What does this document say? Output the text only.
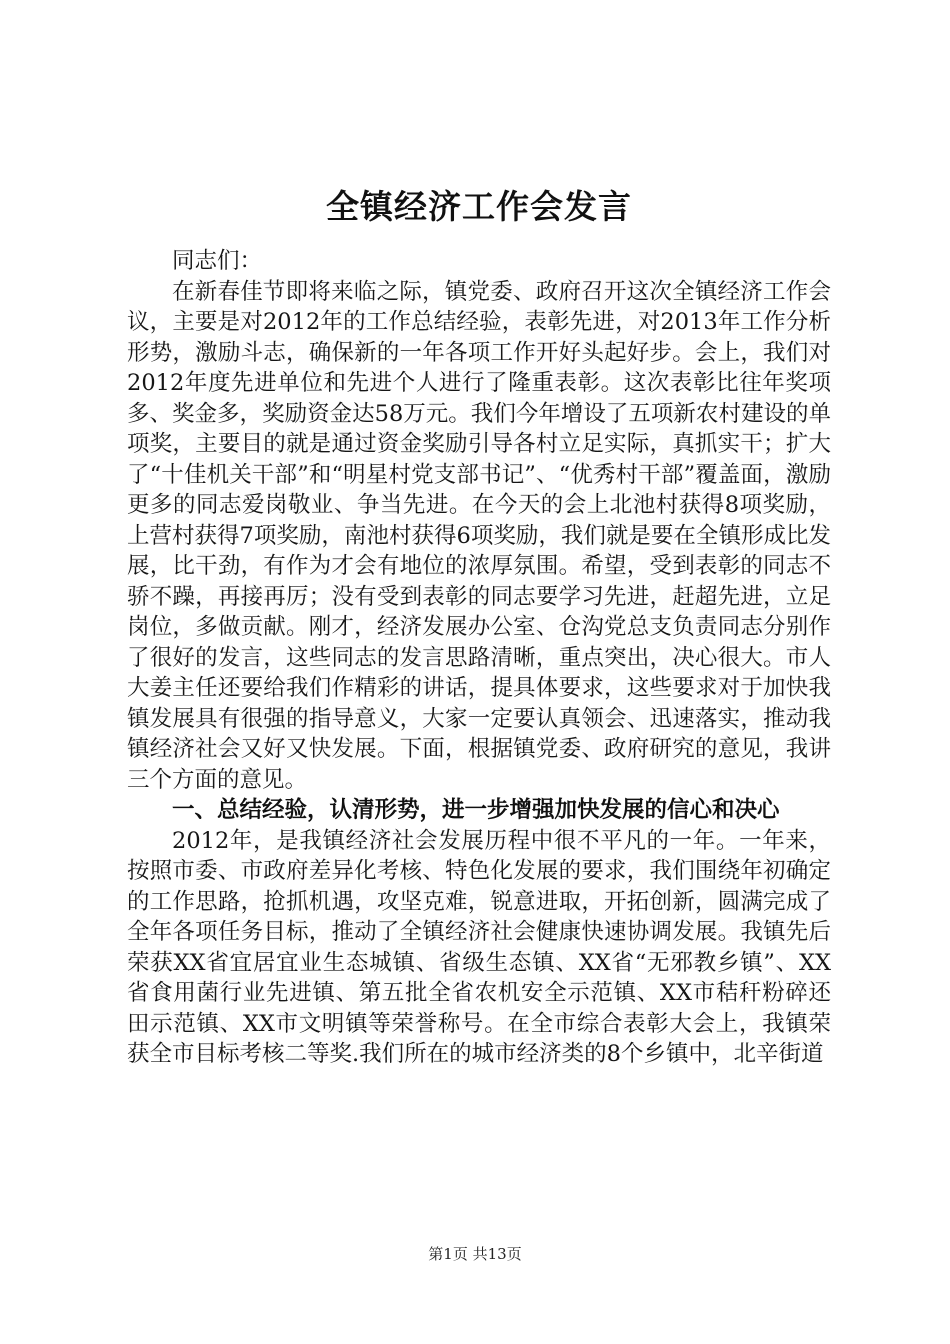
全镇经济工作会发言

同志们：

在新春佳节即将来临之际，镇党委、政府召开这次全镇经济工作会议，主要是对2012年的工作总结经验，表彰先进，对2013年工作分析形势，激励斗志，确保新的一年各项工作开好头起好步。会上，我们对2012年度先进单位和先进个人进行了隆重表彰。这次表彰比往年奖项多、奖金多，奖励资金达58万元。我们今年增设了五项新农村建设的单项奖，主要目的就是通过资金奖励引导各村立足实际，真抓实干；扩大了“十佳机关干部”和“明星村党支部书记”、“优秀村干部”覆盖面，激励更多的同志爱岗敬业、争当先进。在今天的会上北池村获得8项奖励，上营村获得7项奖励，南池村获得6项奖励，我们就是要在全镇形成比发展，比干劲，有作为才会有地位的浓厚氛围。希望，受到表彰的同志不骄不躁，再接再厉；没有受到表彰的同志要学习先进，赶超先进，立足岗位，多做贡献。刚才，经济发展办公室、仓沟党总支负责同志分别作了很好的发言，这些同志的发言思路清晰，重点突出，决心很大。市人大姜主任还要给我们作精彩的讲话，提具体要求，这些要求对于加快我镇发展具有很强的指导意义，大家一定要认真领会、迅速落实，推动我镇经济社会又好又快发展。下面，根据镇党委、政府研究的意见，我讲三个方面的意见。

一、总结经验，认清形势，进一步增强加快发展的信心和决心

2012年，是我镇经济社会发展历程中很不平凡的一年。一年来，按照市委、市政府差异化考核、特色化发展的要求，我们围绕年初确定的工作思路，抢抓机遇，攻坚克难，锐意进取，开拓创新，圆满完成了全年各项任务目标，推动了全镇经济社会健康快速协调发展。我镇先后荣获XX省宜居宜业生态城镇、省级生态镇、XX省“无邪教乡镇”、XX省食用菌行业先进镇、第五批全省农机安全示范镇、XX市秸秆粉碎还田示范镇、XX市文明镇等荣誉称号。在全市综合表彰大会上，我镇荣获全市目标考核二等奖.我们所在的城市经济类的8个乡镇中，北辛街道

第1页 共13页
